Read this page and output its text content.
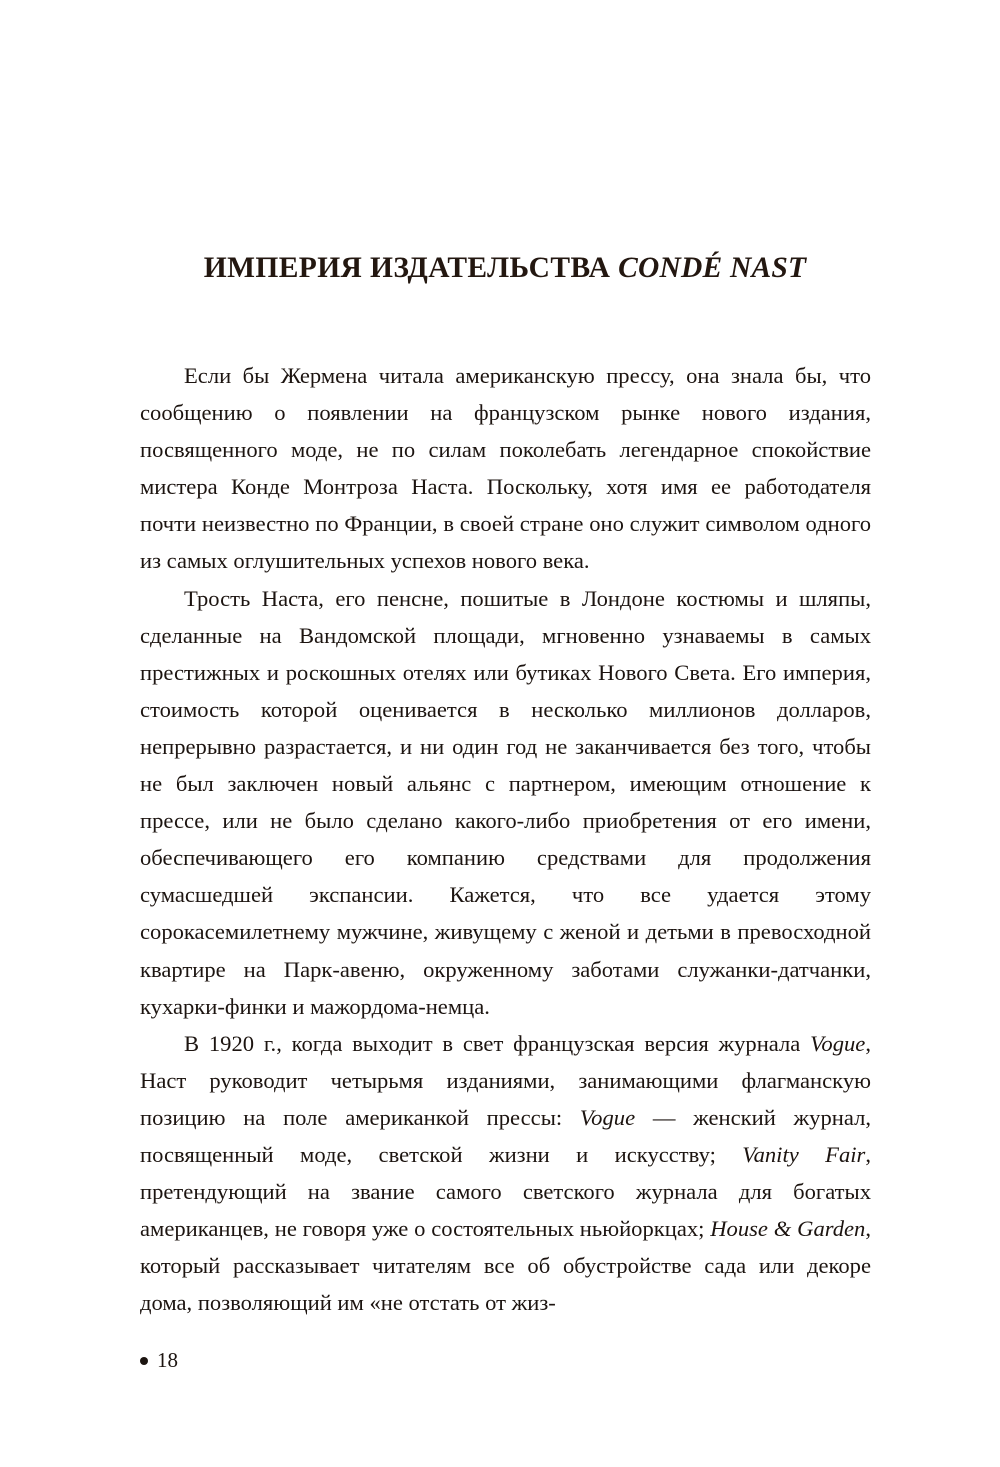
ИМПЕРИЯ ИЗДАТЕЛЬСТВА CONDÉ NAST

Если бы Жермена читала американскую прессу, она знала бы, что сообщению о появлении на французском рынке нового издания, посвященного моде, не по силам поколебать легендарное спокойствие мистера Конде Монтроза Наста. Поскольку, хотя имя ее работодателя почти неизвестно по Франции, в своей стране оно служит символом одного из самых оглушительных успехов нового века.

Трость Наста, его пенсне, пошитые в Лондоне костюмы и шляпы, сделанные на Вандомской площади, мгновенно узнаваемы в самых престижных и роскошных отелях или бутиках Нового Света. Его империя, стоимость которой оценивается в несколько миллионов долларов, непрерывно разрастается, и ни один год не заканчивается без того, чтобы не был заключен новый альянс с партнером, имеющим отношение к прессе, или не было сделано какого-либо приобретения от его имени, обеспечивающего его компанию средствами для продолжения сумасшедшей экспансии. Кажется, что все удается этому сорокасемилетнему мужчине, живущему с женой и детьми в превосходной квартире на Парк-авеню, окруженному заботами служанки-датчанки, кухарки-финки и мажордома-немца.

В 1920 г., когда выходит в свет французская версия журнала Vogue, Наст руководит четырьмя изданиями, занимающими флагманскую позицию на поле американкой прессы: Vogue — женский журнал, посвященный моде, светской жизни и искусству; Vanity Fair, претендующий на звание самого светского журнала для богатых американцев, не говоря уже о состоятельных ньюйоркцах; House & Garden, который рассказывает читателям все об обустройстве сада или декоре дома, позволяющий им «не отстать от жиз-

18
